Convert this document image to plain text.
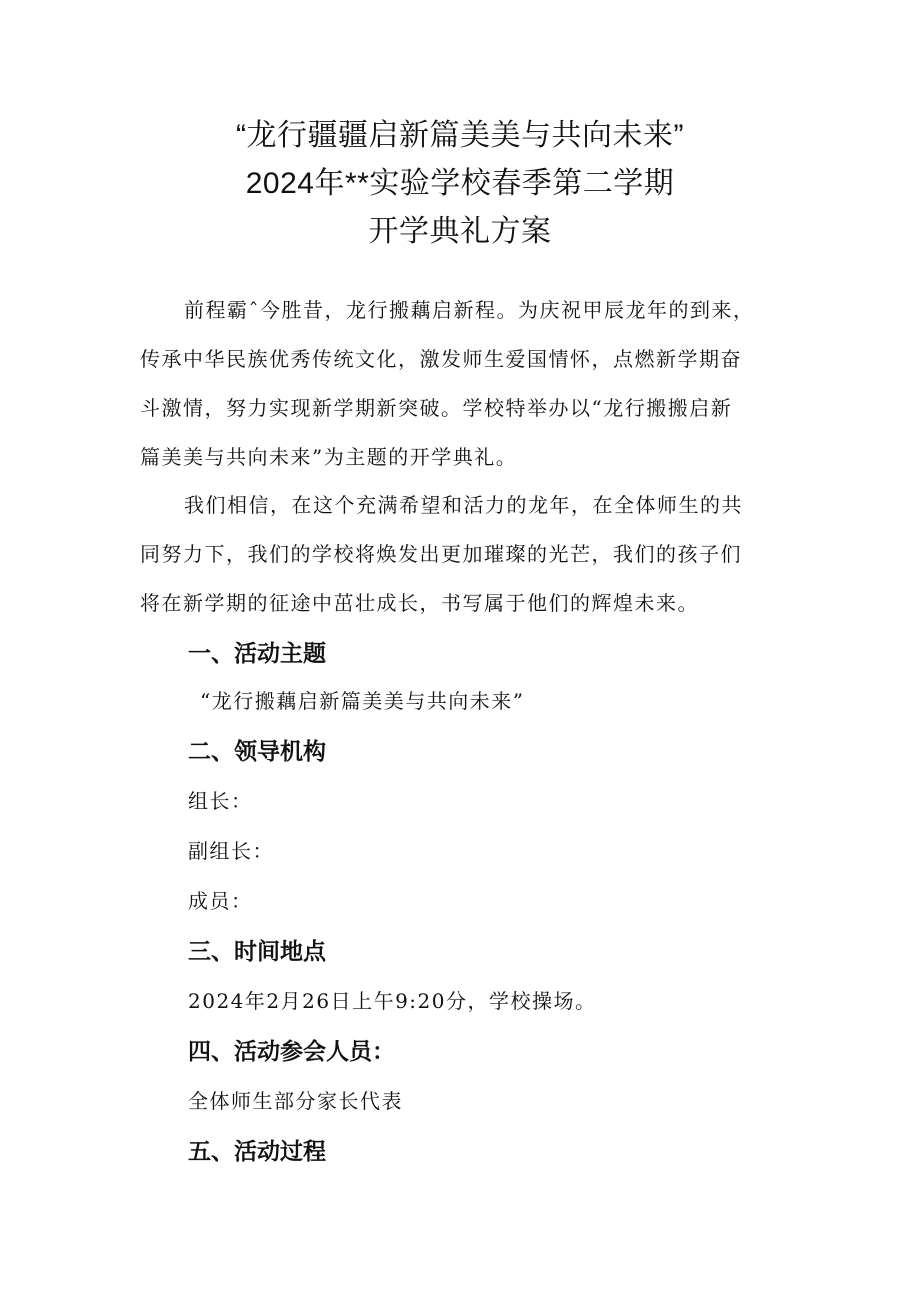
“龙行疆疆启新篇美美与共向未来”
2024年**实验学校春季第二学期
开学典礼方案

前程霸ˆ今胜昔，龙行搬藕启新程。为庆祝甲辰龙年的到来，
传承中华民族优秀传统文化，激发师生爱国情怀，点燃新学期奋
斗激情，努力实现新学期新突破。学校特举办以“龙行搬搬启新
篇美美与共向未来”为主题的开学典礼。

我们相信，在这个充满希望和活力的龙年，在全体师生的共
同努力下，我们的学校将焕发出更加璀璨的光芒，我们的孩子们
将在新学期的征途中茁壮成长，书写属于他们的辉煌未来。

一、活动主题

“龙行搬藕启新篇美美与共向未来”

二、领导机构

组长：

副组长：

成员：

三、时间地点

2024年2月26日上午9:20分，学校操场。

四、活动参会人员：

全体师生部分家长代表

五、活动过程
